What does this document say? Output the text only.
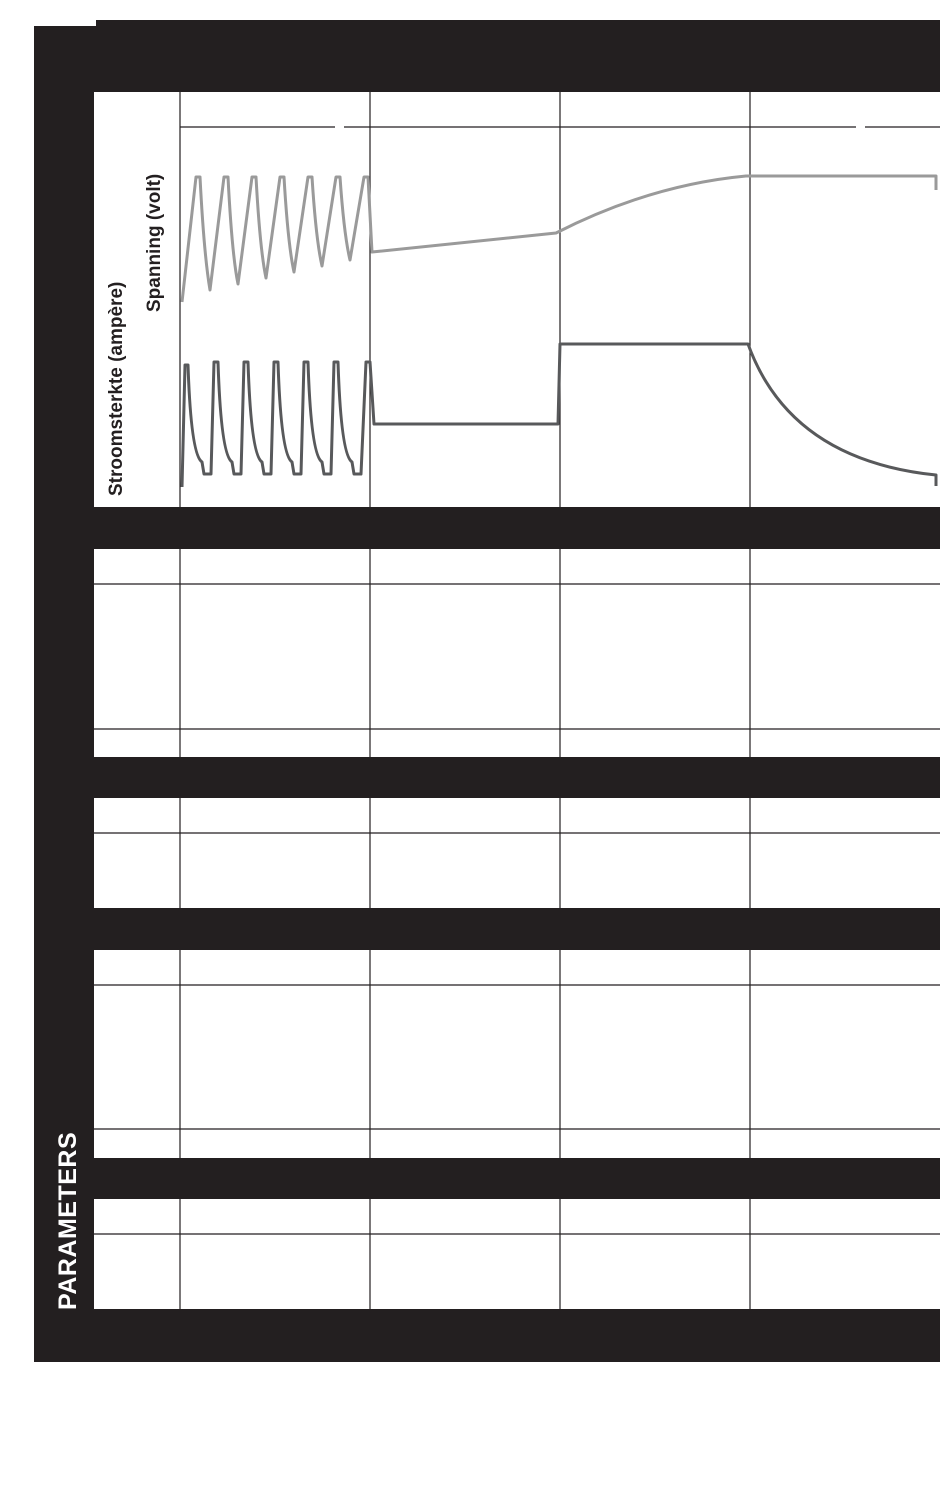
PARAMETERS
Stroomsterkte (ampère)
Spanning (volt)
